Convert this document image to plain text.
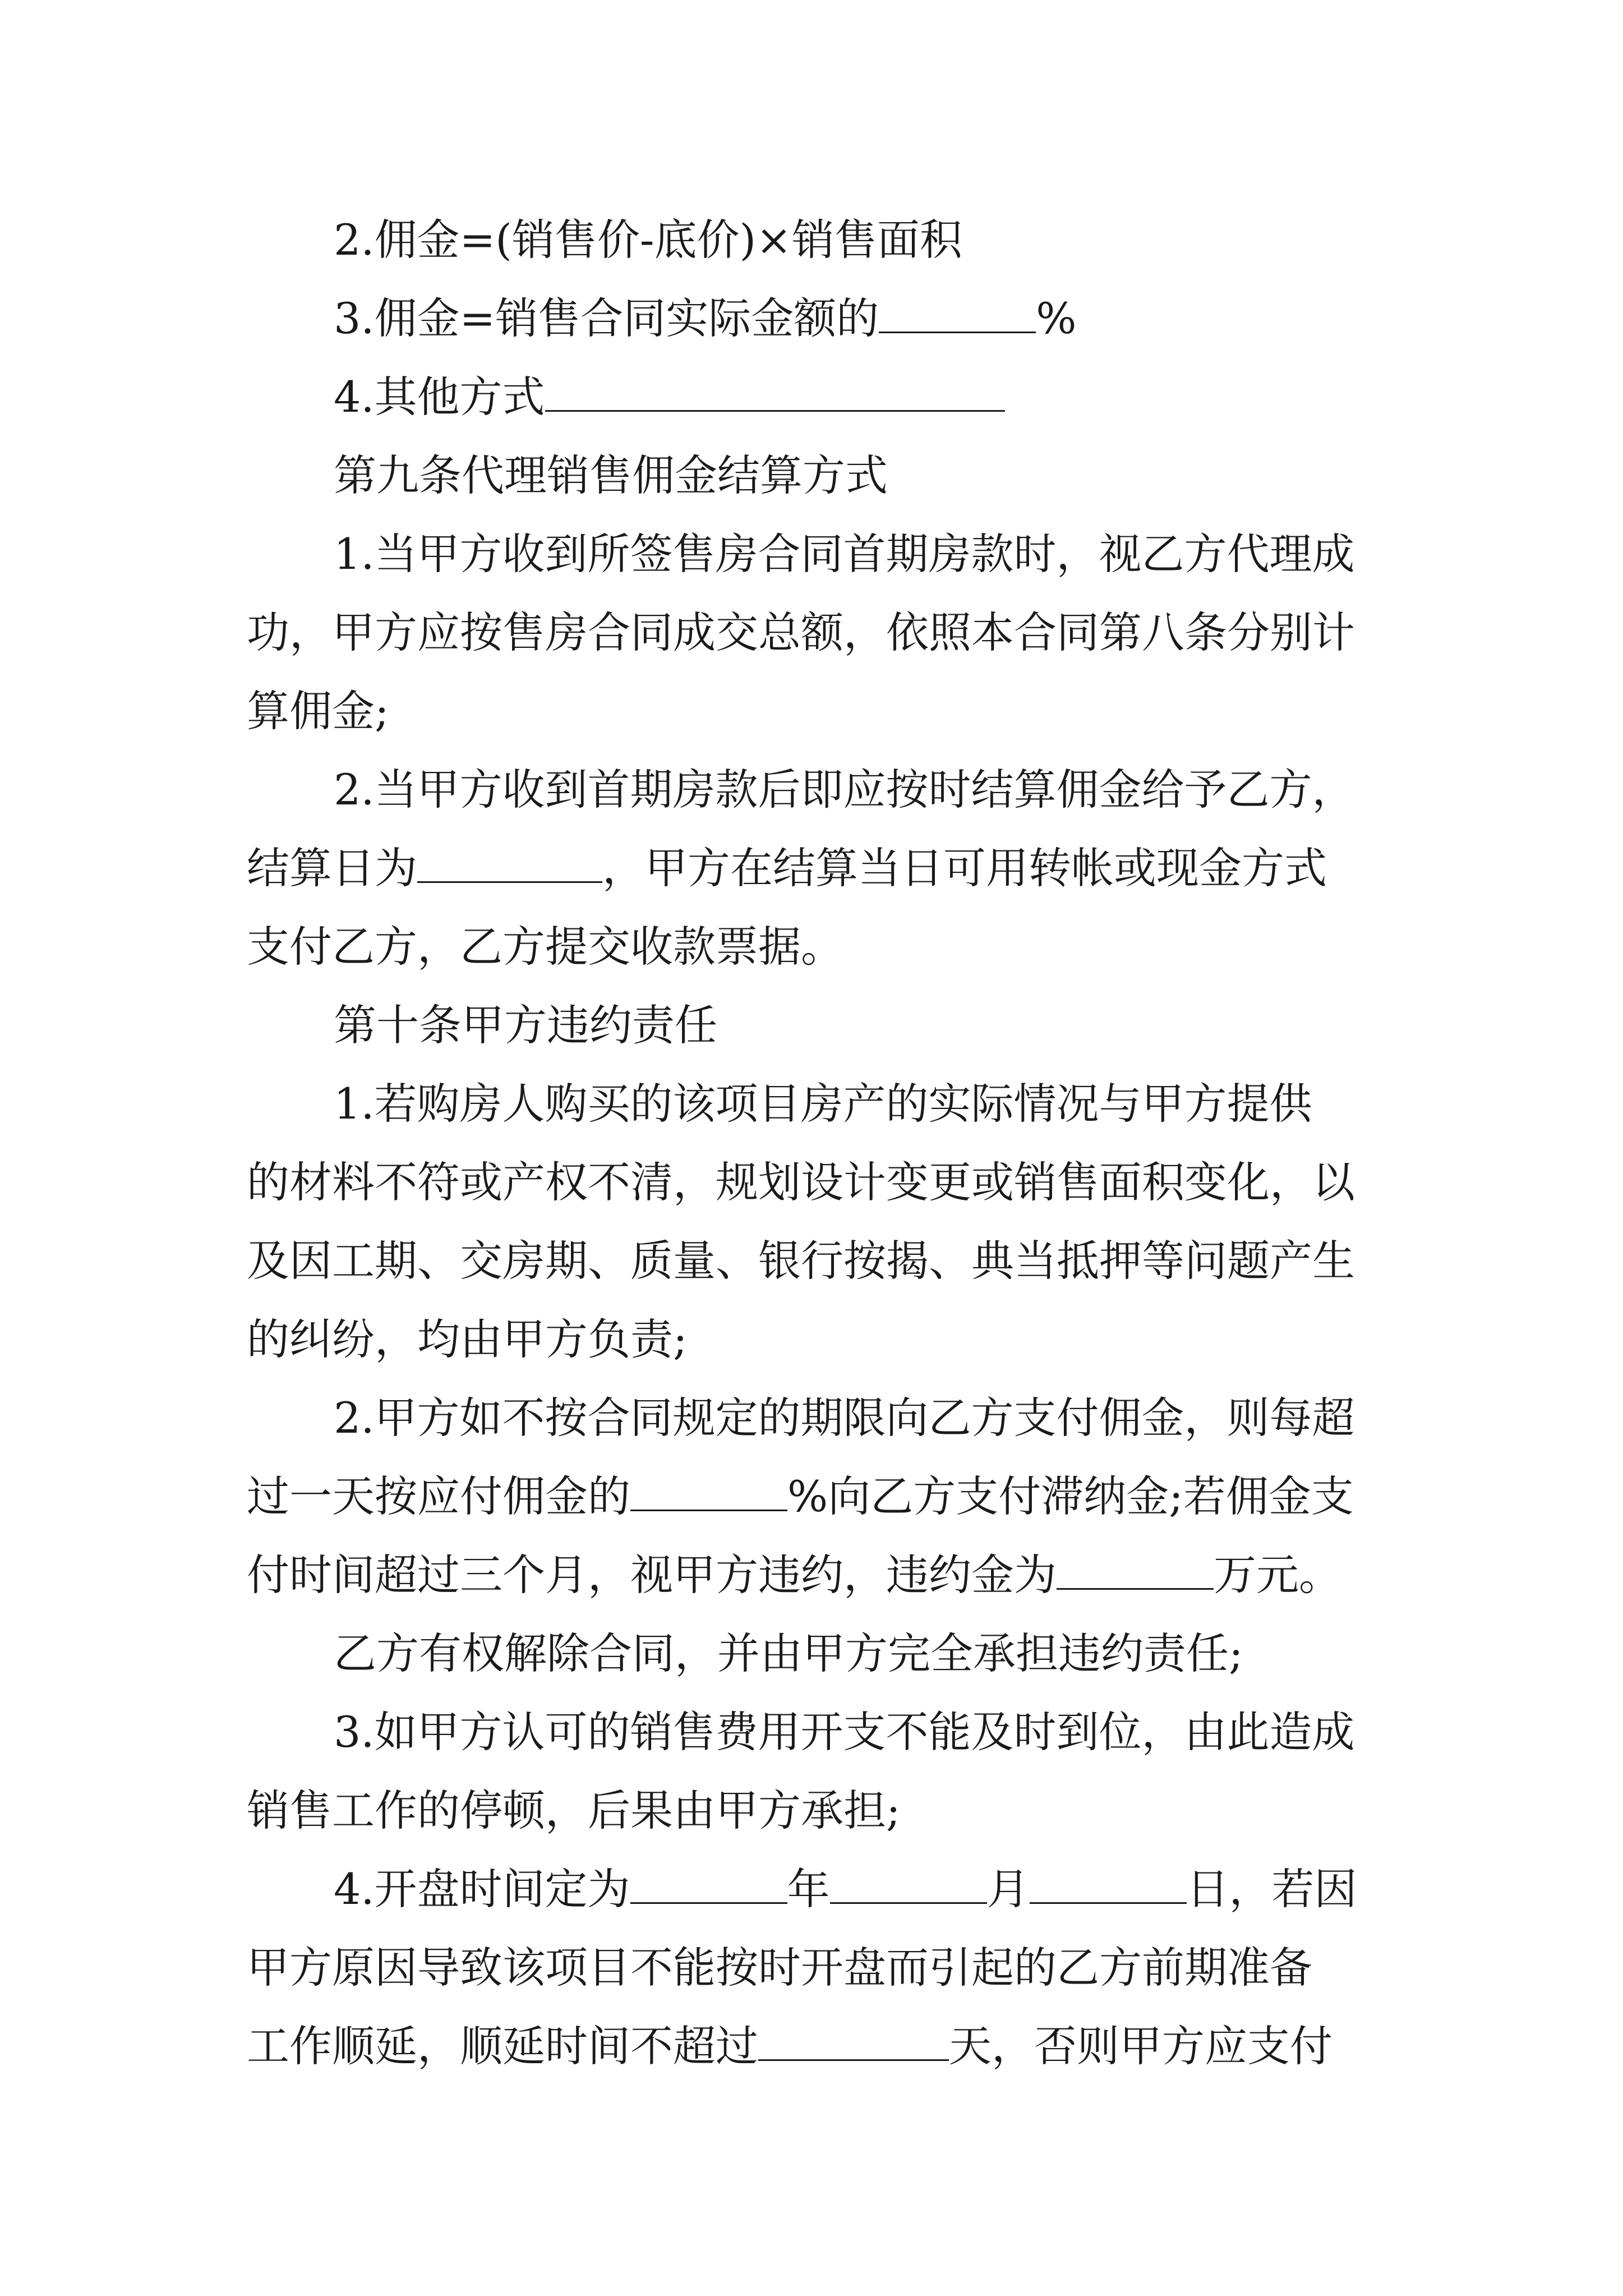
2.佣金=(销售价-底价)×销售面积
3.佣金=销售合同实际金额的	%
4.其他方式
第九条代理销售佣金结算方式
1.当甲方收到所签售房合同首期房款时，视乙方代理成
功，甲方应按售房合同成交总额，依照本合同第八条分别计
算佣金;
2.当甲方收到首期房款后即应按时结算佣金给予乙方，
结算日为	，甲方在结算当日可用转帐或现金方式
支付乙方，乙方提交收款票据。
第十条甲方违约责任
1.若购房人购买的该项目房产的实际情况与甲方提供
的材料不符或产权不清，规划设计变更或销售面积变化，以
及因工期、交房期、质量、银行按揭、典当抵押等问题产生
的纠纷，均由甲方负责;
2.甲方如不按合同规定的期限向乙方支付佣金，则每超
过一天按应付佣金的	%向乙方支付滞纳金;若佣金支
付时间超过三个月，视甲方违约，违约金为	万元。
乙方有权解除合同，并由甲方完全承担违约责任;
3.如甲方认可的销售费用开支不能及时到位，由此造成
销售工作的停顿，后果由甲方承担;
4.开盘时间定为	年	月	日，若因
甲方原因导致该项目不能按时开盘而引起的乙方前期准备
工作顺延，顺延时间不超过	天，否则甲方应支付
